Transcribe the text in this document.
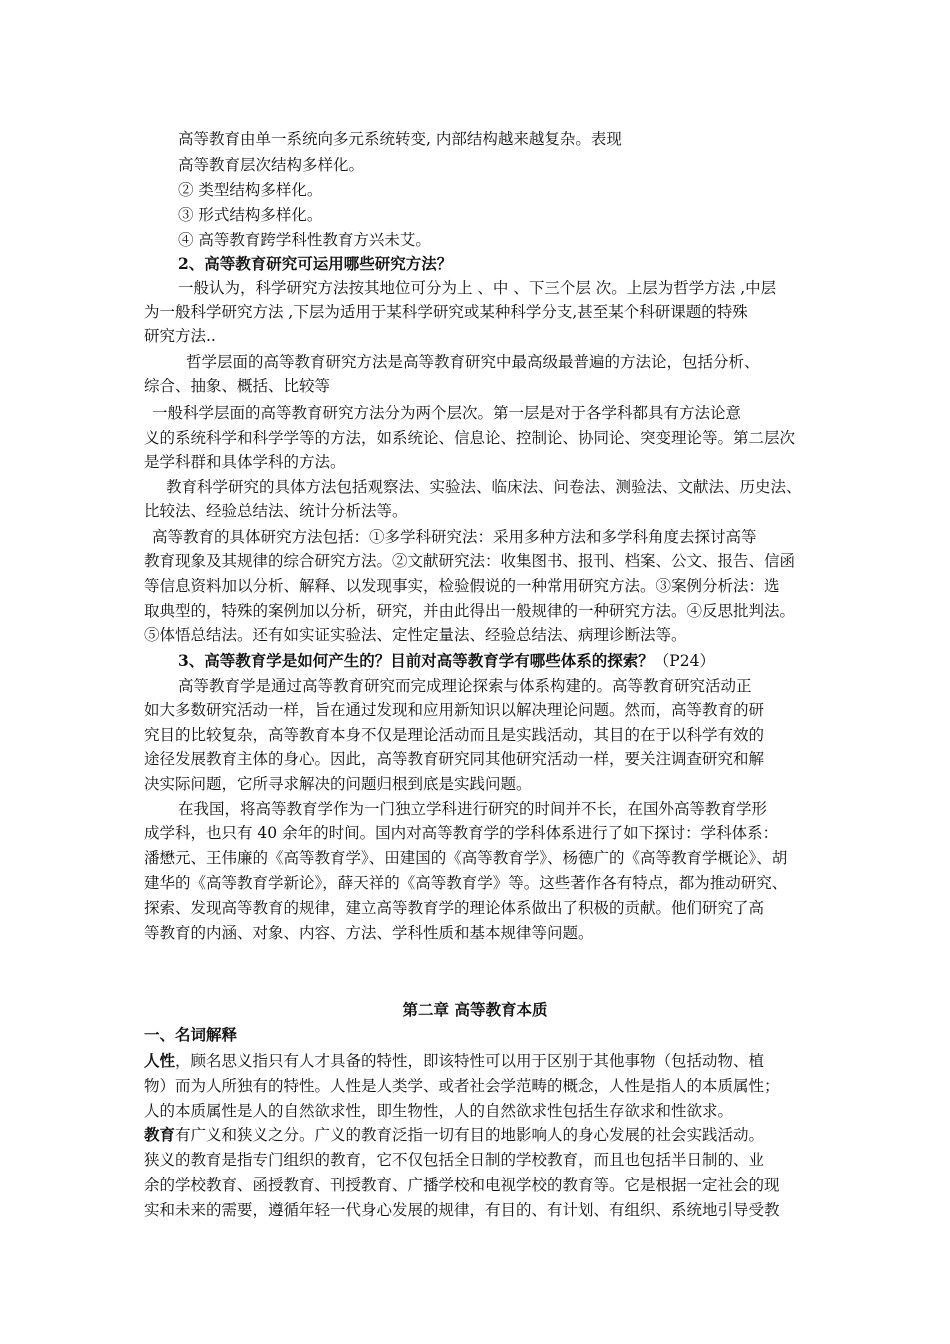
高等教育由单一系统向多元系统转变, 内部结构越来越复杂。表现
高等教育层次结构多样化。
② 类型结构多样化。
③ 形式结构多样化。
④ 高等教育跨学科性教育方兴未艾。
2、高等教育研究可运用哪些研究方法？
一般认为，科学研究方法按其地位可分为上 、中 、下三个层 次。上层为哲学方法 ,中层
为一般科学研究方法 ,下层为适用于某科学研究或某种科学分支,甚至某个科研课题的特殊
研究方法..
哲学层面的高等教育研究方法是高等教育研究中最高级最普遍的方法论，包括分析、
综合、抽象、概括、比较等
一般科学层面的高等教育研究方法分为两个层次。第一层是对于各学科都具有方法论意
义的系统科学和科学学等的方法，如系统论、信息论、控制论、协同论、突变理论等。第二层次
是学科群和具体学科的方法。
教育科学研究的具体方法包括观察法、实验法、临床法、问卷法、测验法、文献法、历史法、
比较法、经验总结法、统计分析法等。
高等教育的具体研究方法包括：①多学科研究法：采用多种方法和多学科角度去探讨高等
教育现象及其规律的综合研究方法。②文献研究法：收集图书、报刊、档案、公文、报告、信函
等信息资料加以分析、解释、以发现事实，检验假说的一种常用研究方法。③案例分析法：选
取典型的，特殊的案例加以分析，研究，并由此得出一般规律的一种研究方法。④反思批判法。
⑤体悟总结法。还有如实证实验法、定性定量法、经验总结法、病理诊断法等。
3、高等教育学是如何产生的？目前对高等教育学有哪些体系的探索？（P24）
高等教育学是通过高等教育研究而完成理论探索与体系构建的。高等教育研究活动正
如大多数研究活动一样，旨在通过发现和应用新知识以解决理论问题。然而，高等教育的研
究目的比较复杂，高等教育本身不仅是理论活动而且是实践活动，其目的在于以科学有效的
途径发展教育主体的身心。因此，高等教育研究同其他研究活动一样，要关注调查研究和解
决实际问题，它所寻求解决的问题归根到底是实践问题。
在我国，将高等教育学作为一门独立学科进行研究的时间并不长，在国外高等教育学形
成学科，也只有 40 余年的时间。国内对高等教育学的学科体系进行了如下探讨：学科体系：
潘懋元、王伟廉的《高等教育学》、田建国的《高等教育学》、杨德广的《高等教育学概论》、胡
建华的《高等教育学新论》，薛天祥的《高等教育学》等。这些著作各有特点，都为推动研究、
探索、发现高等教育的规律，建立高等教育学的理论体系做出了积极的贡献。他们研究了高
等教育的内涵、对象、内容、方法、学科性质和基本规律等问题。
第二章 高等教育本质
一、名词解释
人性，顾名思义指只有人才具备的特性，即该特性可以用于区别于其他事物（包括动物、植
物）而为人所独有的特性。人性是人类学、或者社会学范畴的概念，人性是指人的本质属性；
人的本质属性是人的自然欲求性，即生物性，人的自然欲求性包括生存欲求和性欲求。
教育有广义和狭义之分。广义的教育泛指一切有目的地影响人的身心发展的社会实践活动。
狭义的教育是指专门组织的教育，它不仅包括全日制的学校教育，而且也包括半日制的、业
余的学校教育、函授教育、刊授教育、广播学校和电视学校的教育等。它是根据一定社会的现
实和未来的需要，遵循年轻一代身心发展的规律，有目的、有计划、有组织、系统地引导受教
